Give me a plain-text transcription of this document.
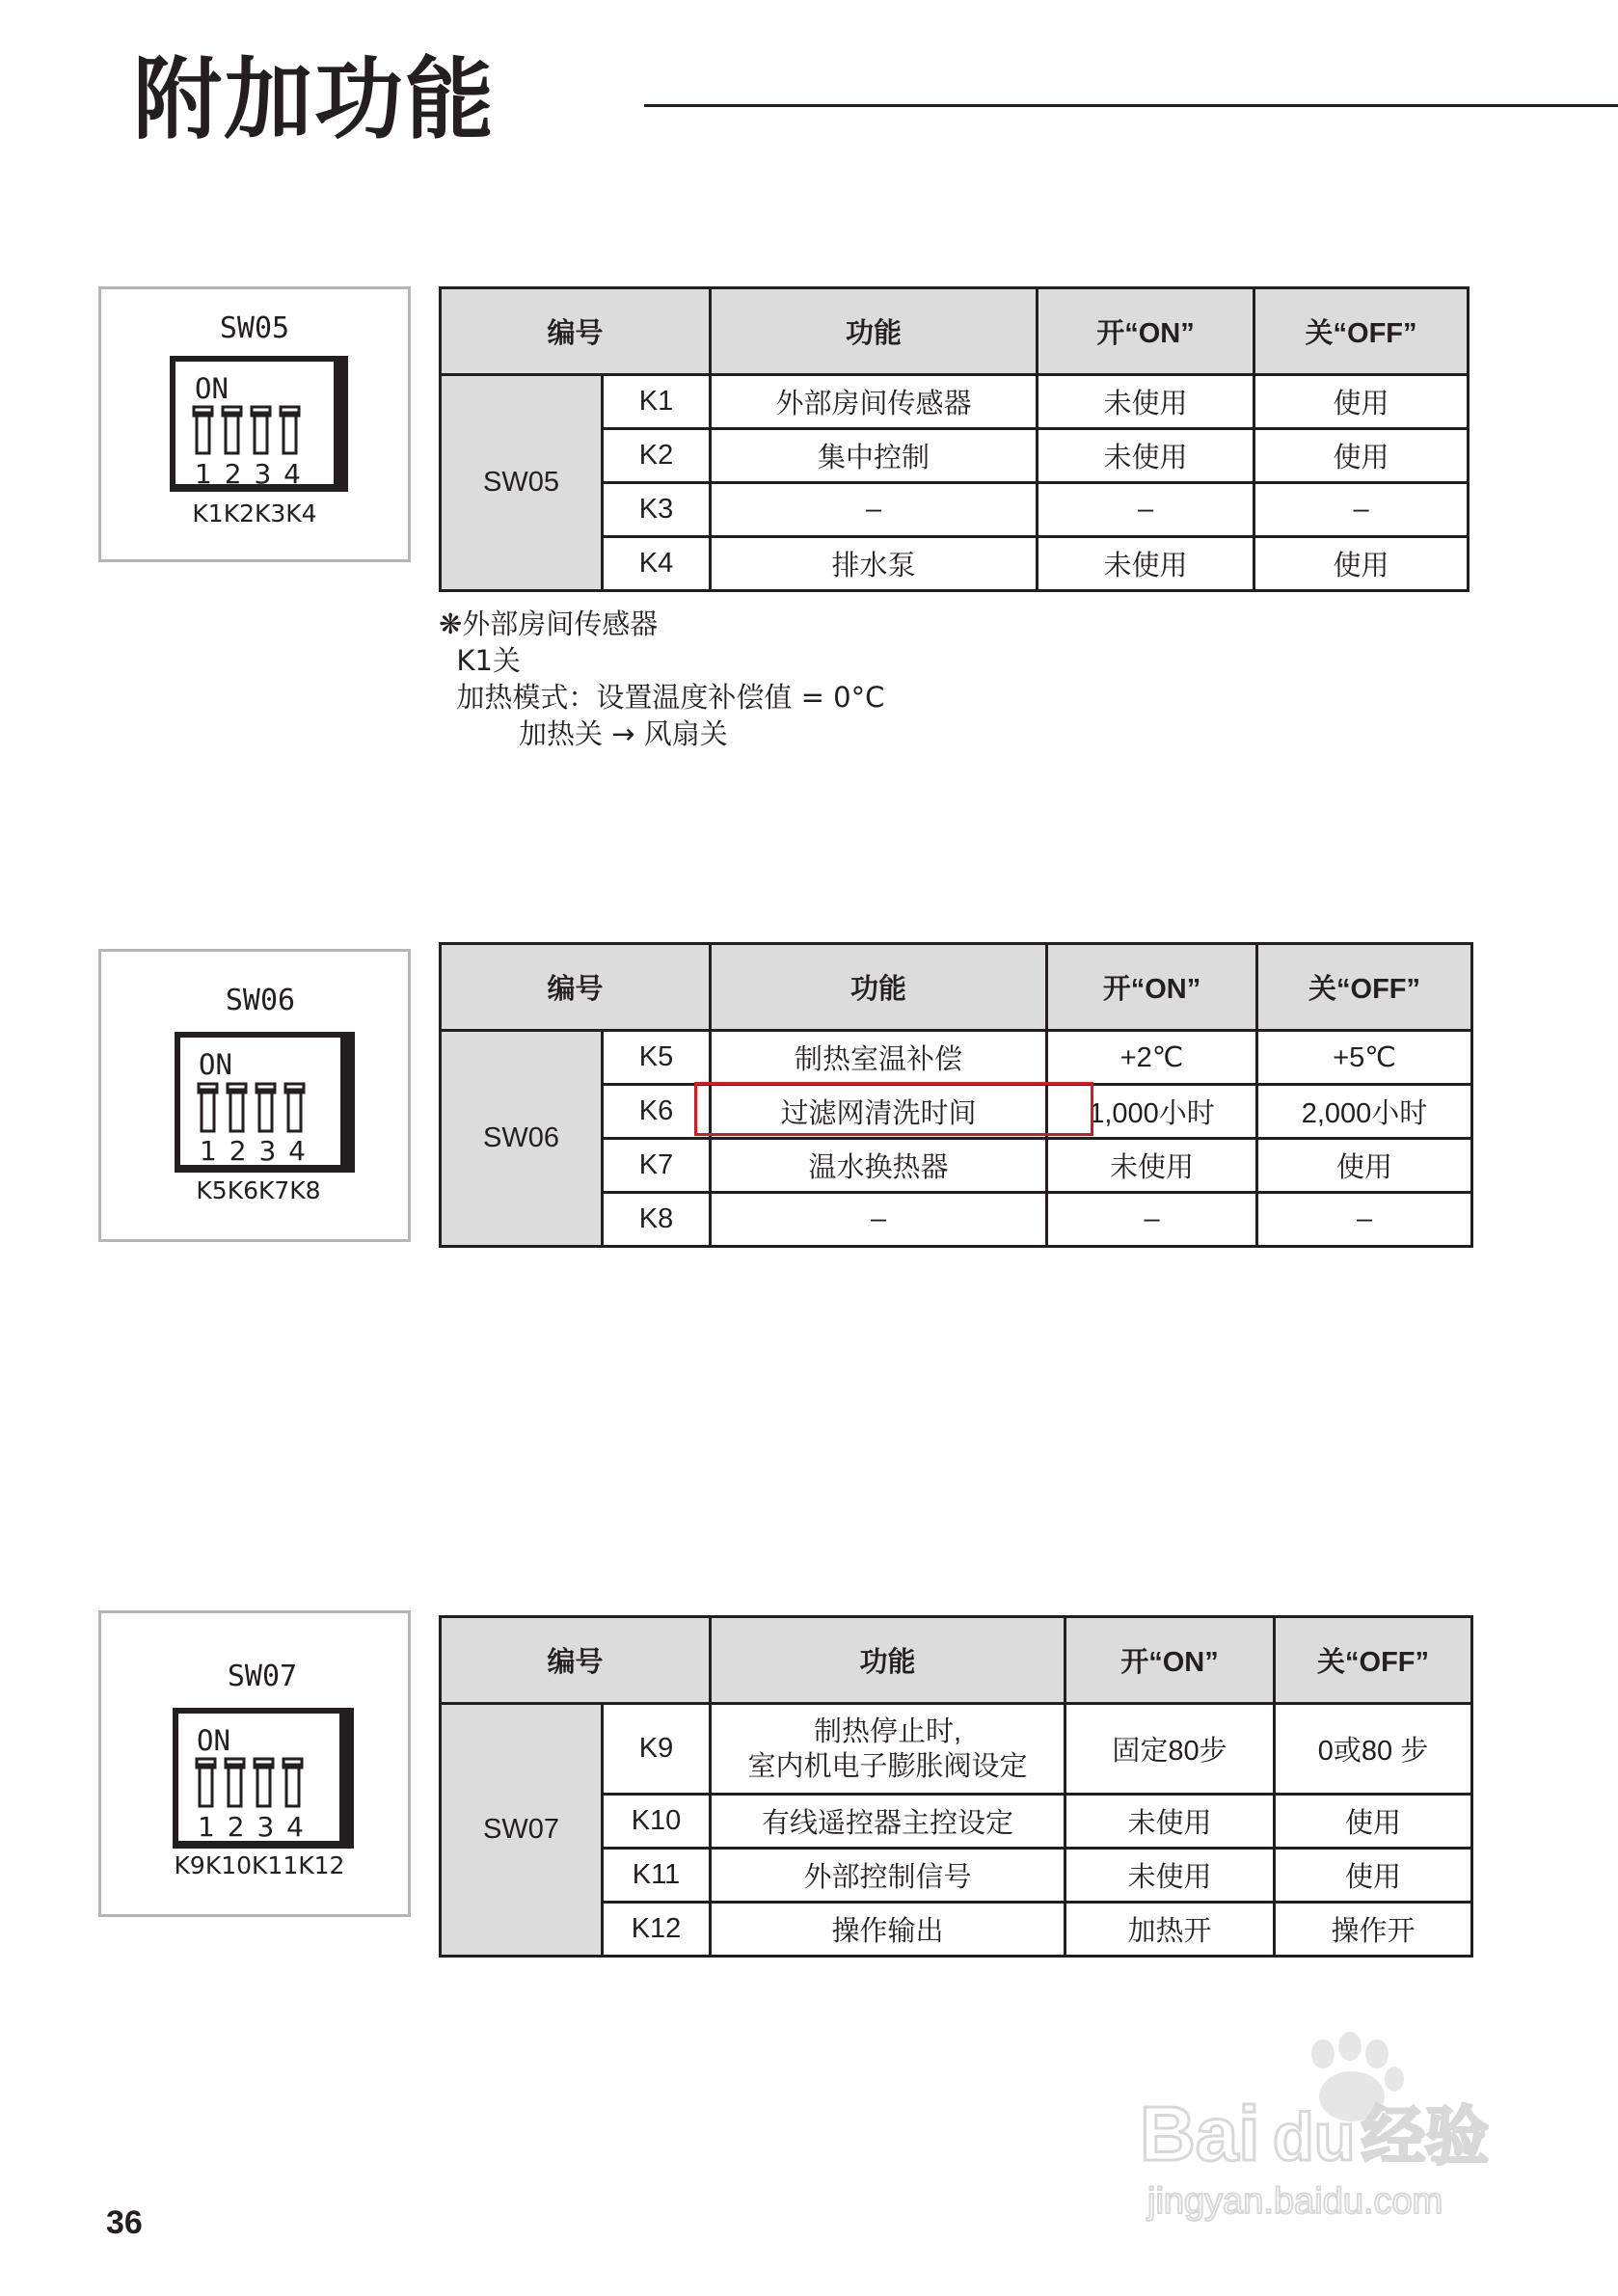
附加功能
SW05
ON
1 2 3 4
K1K2K3K4
编号		功能	开“ON”	关“OFF”
SW05	K1	外部房间传感器	未使用	使用
	K2	集中控制	未使用	使用
	K3	–	–	–
	K4	排水泵	未使用	使用
❋外部房间传感器
K1关
加热模式：设置温度补偿值 = 0°C
加热关 → 风扇关
SW06
ON
1 2 3 4
K5K6K7K8
编号		功能	开“ON”	关“OFF”
SW06	K5	制热室温补偿	+2℃	+5℃
	K6	过滤网清洗时间	1,000小时	2,000小时
	K7	温水换热器	未使用	使用
	K8	–	–	–
SW07
ON
1 2 3 4
K9K10K11K12
编号		功能	开“ON”	关“OFF”
SW07	K9	制热停止时,
室内机电子膨胀阀设定	固定80步	0或80 步
	K10	有线遥控器主控设定	未使用	使用
	K11	外部控制信号	未使用	使用
	K12	操作输出	加热开	操作开
Bai du 经验
jingyan.baidu.com
36
